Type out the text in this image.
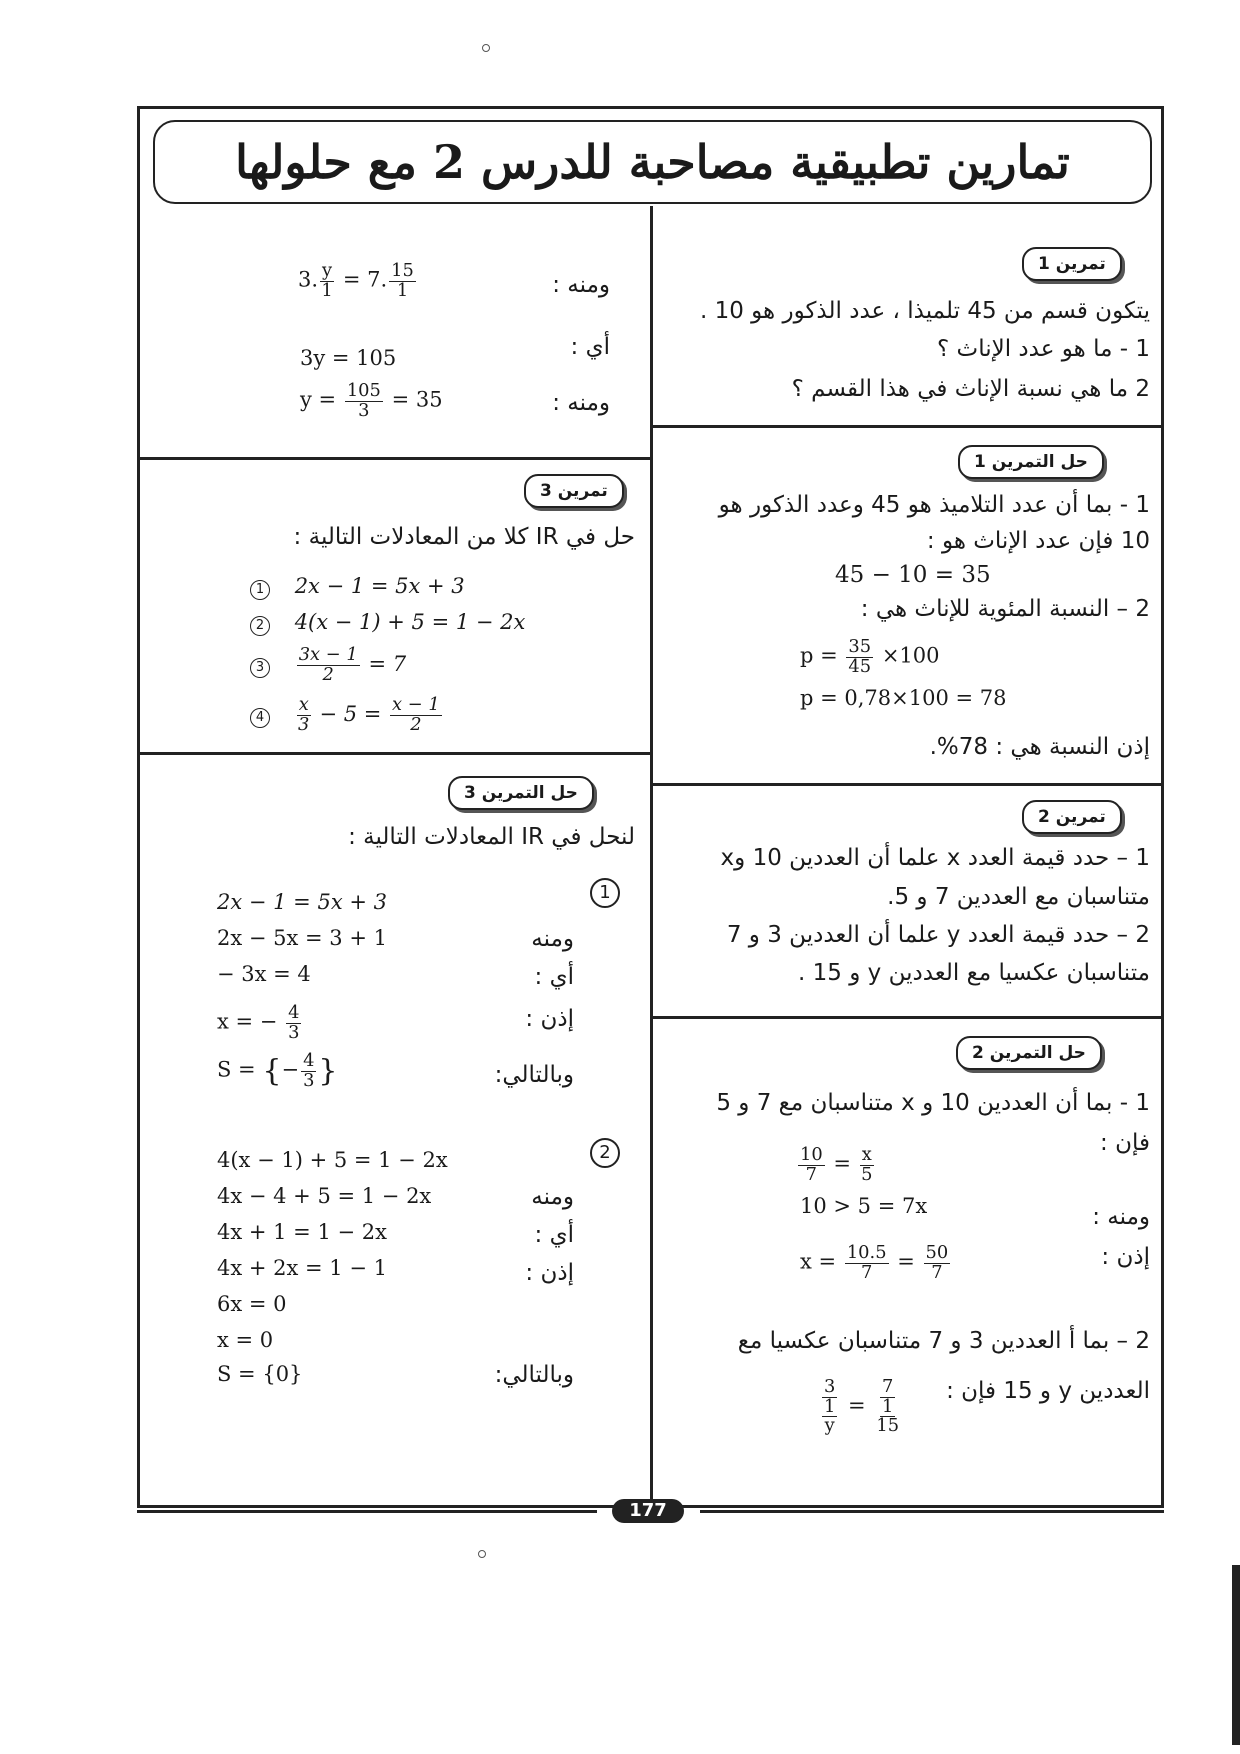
تمارين تطبيقية مصاحبة للدرس 2 مع حلولها
تمرين 1
يتكون قسم من 45 تلميذا ، عدد الذكور هو 10 .
1 - ما هو عدد الإناث ؟
2 ما هي نسبة الإناث في هذا القسم ؟
حل التمرين 1
1 - بما أن عدد التلاميذ هو 45 وعدد الذكور هو
10 فإن عدد الإناث هو :
45 − 10 = 35
2 – النسبة المئوية للإناث هي :
$p = \frac{35}{45} \times 100$
p = 0,78×100 = 78
إذن النسبة هي : 78%.
تمرين 2
1 – حدد قيمة العدد x علما أن العددين 10 وx
متناسبان مع العددين 7 و 5.
2 – حدد قيمة العدد y علما أن العددين 3 و 7
متناسبان عكسيا مع العددين y و 15 .
حل التمرين 2
1 - بما أن العددين 10 و x متناسبان مع 7 و 5
فإن :
$\frac{10}{7} = \frac{x}{5}$
10 > 5 = 7x	ومنه :
إذن :
$x = \frac{10.5}{7} = \frac{50}{7}$
2 – بما أ العددين 3 و 7 متناسبان عكسيا مع
العددين y و 15 فإن :
$\frac{3}{\frac{1}{y}} = \frac{7}{\frac{1}{15}}$
ومنه :
3. $\frac{y}{1} = 7$. $\frac{15}{1}$
أي :
3y = 105
ومنه :
$y = \frac{105}{3} = 35$
تمرين 3
حل في IR كلا من المعادلات التالية :
1 2x − 1 = 5x + 3
2 4(x − 1) + 5 = 1 − 2x
$3 \frac{3x - 1}{2} = 7$
$4 \frac{x}{3} - 5 = \frac{x - 1}{2}$
حل التمرين 3
لنحل في IR المعادلات التالية :
1
2x − 1 = 5x + 3
2x − 5x = 3 + 1
− 3x = 4
x = − $\frac{4}{3}$
S = {− $\frac{4}{3}$ }
ومنه
أي :
إذن :
وبالتالي:
2
4(x − 1) + 5 = 1 − 2x
4x − 4 + 5 = 1 − 2x
4x + 1 = 1 − 2x
4x + 2x = 1 − 1
6x = 0
x = 0
S = {0}
ومنه
أي :
إذن :
وبالتالي:
177
